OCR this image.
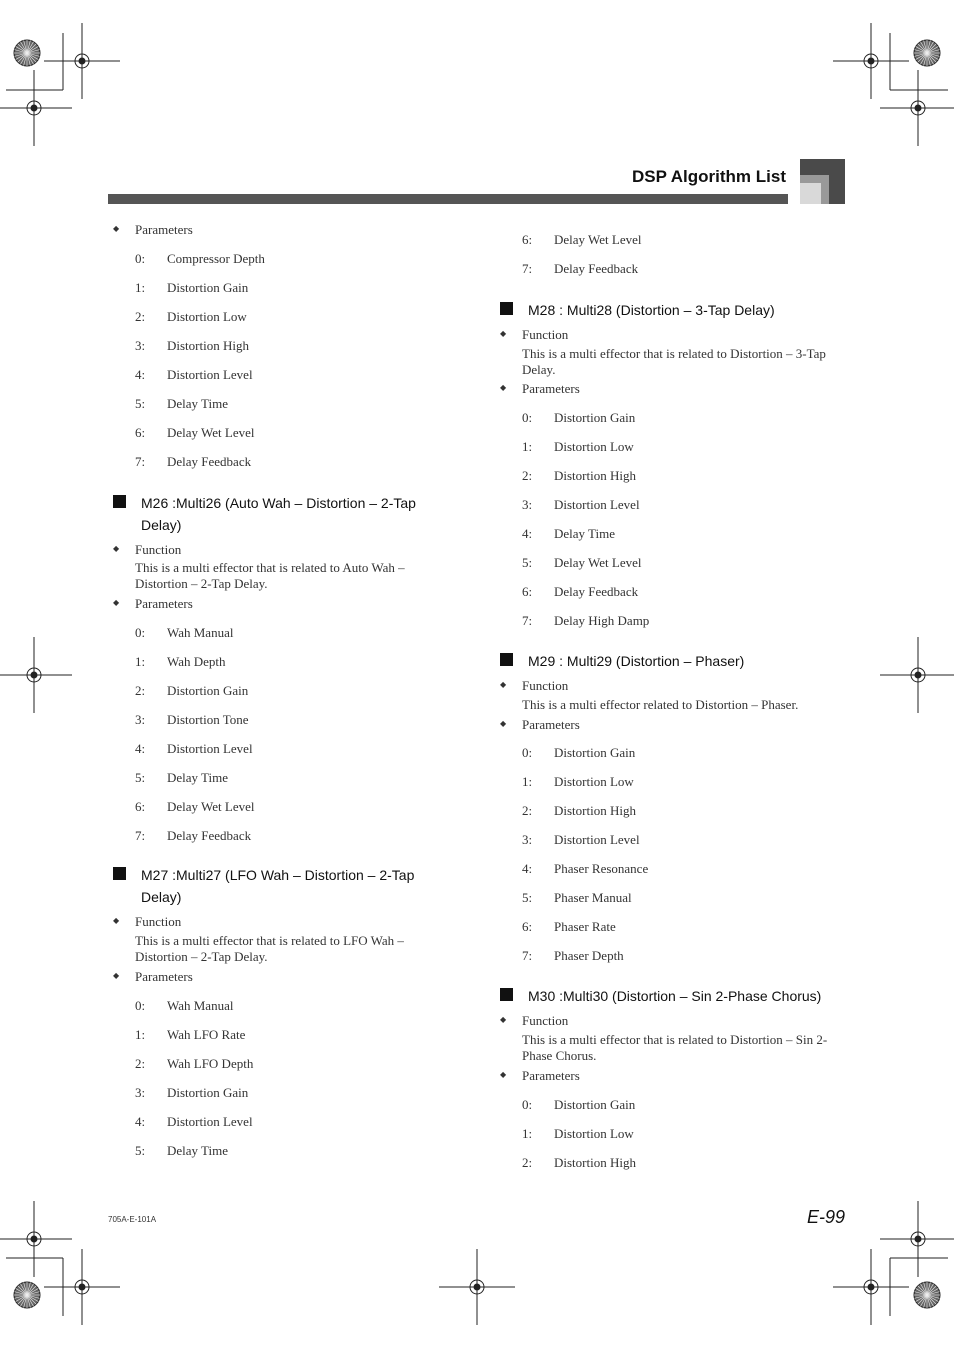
DSP Algorithm List
◆ Parameters
0: Compressor Depth
1: Distortion Gain
2: Distortion Low
3: Distortion High
4: Distortion Level
5: Delay Time
6: Delay Wet Level
7: Delay Feedback
M26 :Multi26 (Auto Wah – Distortion – 2-Tap Delay)
◆ Function
This is a multi effector that is related to Auto Wah – Distortion – 2-Tap Delay.
◆ Parameters
0: Wah Manual
1: Wah Depth
2: Distortion Gain
3: Distortion Tone
4: Distortion Level
5: Delay Time
6: Delay Wet Level
7: Delay Feedback
M27 :Multi27 (LFO Wah – Distortion – 2-Tap Delay)
◆ Function
This is a multi effector that is related to LFO Wah – Distortion – 2-Tap Delay.
◆ Parameters
0: Wah Manual
1: Wah LFO Rate
2: Wah LFO Depth
3: Distortion Gain
4: Distortion Level
5: Delay Time
6: Delay Wet Level
7: Delay Feedback
M28 : Multi28 (Distortion – 3-Tap Delay)
◆ Function
This is a multi effector that is related to Distortion – 3-Tap Delay.
◆ Parameters
0: Distortion Gain
1: Distortion Low
2: Distortion High
3: Distortion Level
4: Delay Time
5: Delay Wet Level
6: Delay Feedback
7: Delay High Damp
M29 : Multi29 (Distortion – Phaser)
◆ Function
This is a multi effector related to Distortion – Phaser.
◆ Parameters
0: Distortion Gain
1: Distortion Low
2: Distortion High
3: Distortion Level
4: Phaser Resonance
5: Phaser Manual
6: Phaser Rate
7: Phaser Depth
M30 :Multi30 (Distortion – Sin 2-Phase Chorus)
◆ Function
This is a multi effector that is related to Distortion – Sin 2-Phase Chorus.
◆ Parameters
0: Distortion Gain
1: Distortion Low
2: Distortion High
705A-E-101A	E-99
